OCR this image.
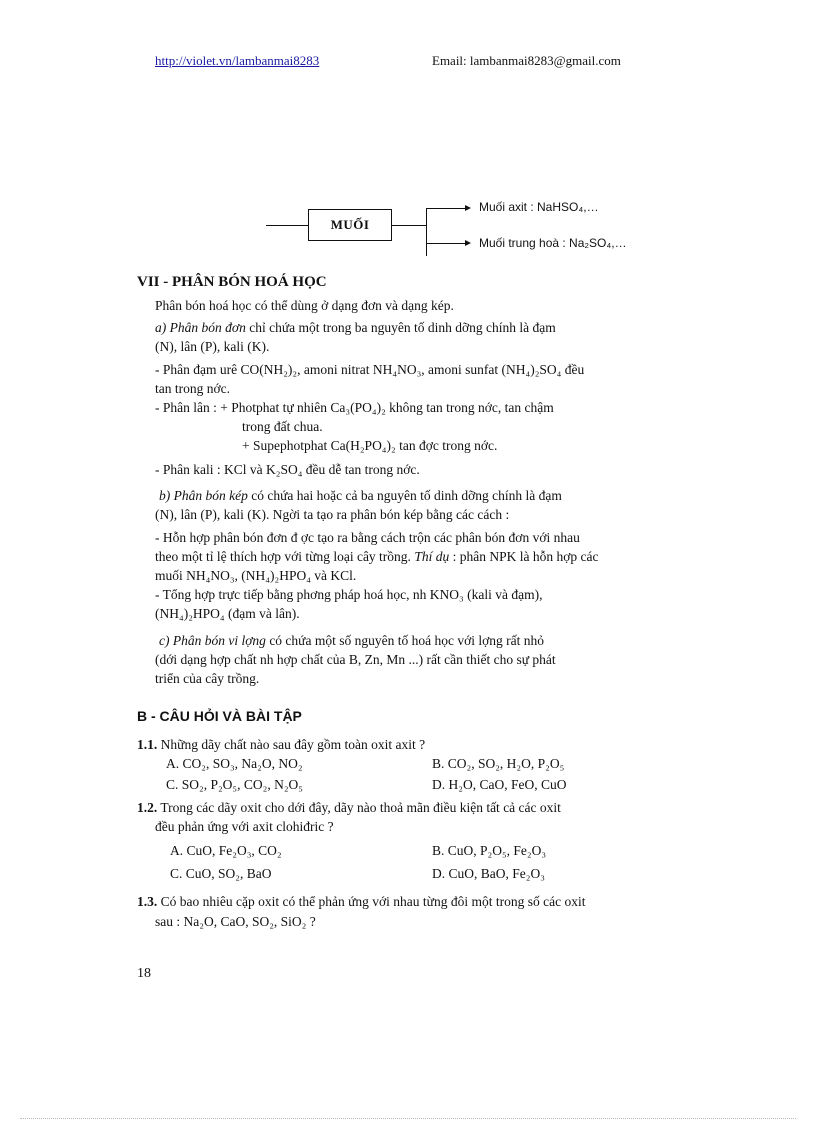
http://violet.vn/lambanmai8283	Email: lambanmai8283@gmail.com
MUỐI
Muối axit : NaHSO₄,…
Muối trung hoà : Na₂SO₄,…
VII - PHÂN BÓN HOÁ HỌC
Phân bón hoá học có thể dùng ở dạng đơn và dạng kép.
a) Phân bón đơn chỉ chứa một trong ba nguyên tố dinh dỡng chính là đạm
(N), lân (P), kali (K).
- Phân đạm urê CO(NH₂)₂, amoni nitrat NH₄NO₃, amoni sunfat (NH₄)₂SO₄ đều
tan trong nớc.
- Phân lân : + Photphat tự nhiên Ca₃(PO₄)₂ không tan trong nớc, tan chậm
trong đất chua.
+ Supephotphat Ca(H₂PO₄)₂ tan đợc trong nớc.
- Phân kali : KCl và K₂SO₄ đều dễ tan trong nớc.
b) Phân bón kép có chứa hai hoặc cả ba nguyên tố dinh dỡng chính là đạm
(N), lân (P), kali (K). Ngời ta tạo ra phân bón kép bằng các cách :
- Hỗn hợp phân bón đơn đ ợc tạo ra bằng cách trộn các phân bón đơn với nhau
theo một tỉ lệ thích hợp với từng loại cây trồng. Thí dụ : phân NPK là hỗn hợp các
muối NH₄NO₃, (NH₄)₂HPO₄ và KCl.
- Tổng hợp trực tiếp bằng phơng pháp hoá học, nh KNO₃ (kali và đạm),
(NH₄)₂HPO₄ (đạm và lân).
c) Phân bón vi lợng có chứa một số nguyên tố hoá học với lợng rất nhỏ
(dới dạng hợp chất nh hợp chất của B, Zn, Mn ...) rất cần thiết cho sự phát
triển của cây trồng.
B - CÂU HỎI VÀ BÀI TẬP
1.1. Những dãy chất nào sau đây gồm toàn oxit axit ?
A. CO₂, SO₃, Na₂O, NO₂	B. CO₂, SO₂, H₂O, P₂O₅
C. SO₂, P₂O₅, CO₂, N₂O₅	D. H₂O, CaO, FeO, CuO
1.2. Trong các dãy oxit cho dới đây, dãy nào thoả mãn điều kiện tất cả các oxit
đều phản ứng với axit clohiđric ?
A. CuO, Fe₂O₃, CO₂	B. CuO, P₂O₅, Fe₂O₃
C. CuO, SO₂, BaO	D. CuO, BaO, Fe₂O₃
1.3. Có bao nhiêu cặp oxit có thể phản ứng với nhau từng đôi một trong số các oxit
sau : Na₂O, CaO, SO₂, SiO₂ ?
18
